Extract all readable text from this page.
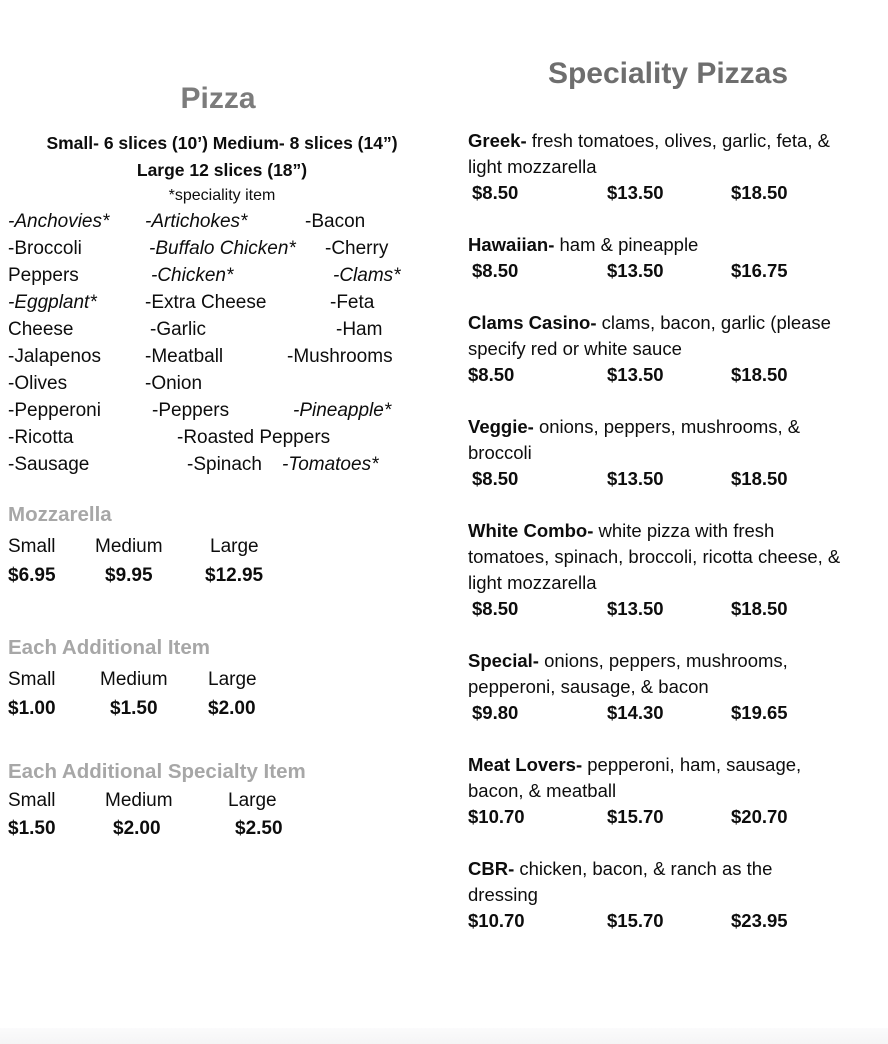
Pizza
Small- 6 slices (10’) Medium- 8 slices (14”)
Large 12 slices (18”)
*speciality item
-Anchovies* -Artichokes*	-Bacon
-Broccoli	-Buffalo Chicken* -Cherry
Peppers	-Chicken*	-Clams*
-Eggplant*	-Extra Cheese	-Feta
Cheese	-Garlic	-Ham
-Jalapenos -Meatball	-Mushrooms
-Olives	-Onion
-Pepperoni	-Peppers	-Pineapple*
-Ricotta	-Roasted Peppers
-Sausage	-Spinach -Tomatoes*
Mozzarella
Small Medium Large
$6.95	$9.95	$12.95
Each Additional Item
Small Medium Large
$1.00	$1.50	$2.00
Each Additional Specialty Item
Small	Medium	Large
$1.50	$2.00	$2.50
Speciality Pizzas
Greek- fresh tomatoes, olives, garlic, feta, &
light mozzarella
$8.50	$13.50	$18.50
Hawaiian- ham & pineapple
$8.50	$13.50	$16.75
Clams Casino- clams, bacon, garlic (please
specify red or white sauce
$8.50	$13.50	$18.50
Veggie- onions, peppers, mushrooms, &
broccoli
$8.50	$13.50	$18.50
White Combo- white pizza with fresh
tomatoes, spinach, broccoli, ricotta cheese, &
light mozzarella
$8.50	$13.50	$18.50
Special- onions, peppers, mushrooms,
pepperoni, sausage, & bacon
$9.80	$14.30	$19.65
Meat Lovers- pepperoni, ham, sausage,
bacon, & meatball
$10.70	$15.70	$20.70
CBR- chicken, bacon, & ranch as the
dressing
$10.70	$15.70	$23.95
